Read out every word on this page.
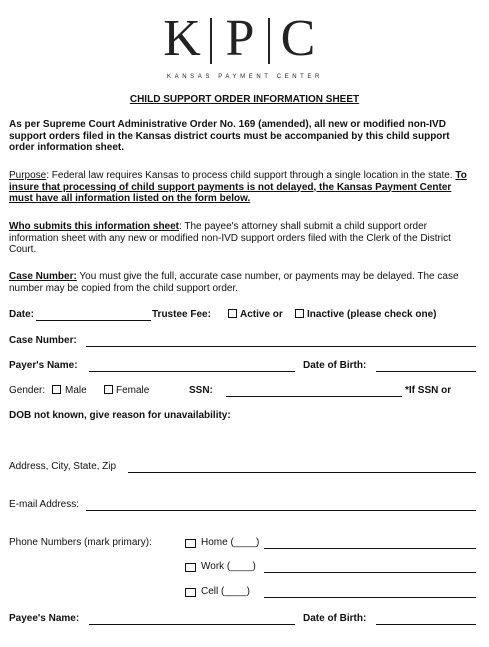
K P C
KANSAS PAYMENT CENTER
CHILD SUPPORT ORDER INFORMATION SHEET
As per Supreme Court Administrative Order No. 169 (amended), all new or modified non-IVD support orders filed in the Kansas district courts must be accompanied by this child support order information sheet.
Purpose: Federal law requires Kansas to process child support through a single location in the state. To insure that processing of child support payments is not delayed, the Kansas Payment Center must have all information listed on the form below.
Who submits this information sheet: The payee's attorney shall submit a child support order information sheet with any new or modified non-IVD support orders filed with the Clerk of the District Court.
Case Number: You must give the full, accurate case number, or payments may be delayed. The case number may be copied from the child support order.
Date:	Trustee Fee:	Active or Inactive (please check one)
Case Number:
Payer's Name:	Date of Birth:
Gender: Male	Female	SSN:	*If SSN or
DOB not known, give reason for unavailability:
Address, City, State, Zip
E-mail Address:
Phone Numbers (mark primary):	Home (____)
Work (____)
Cell (____)
Payee's Name:	Date of Birth:
